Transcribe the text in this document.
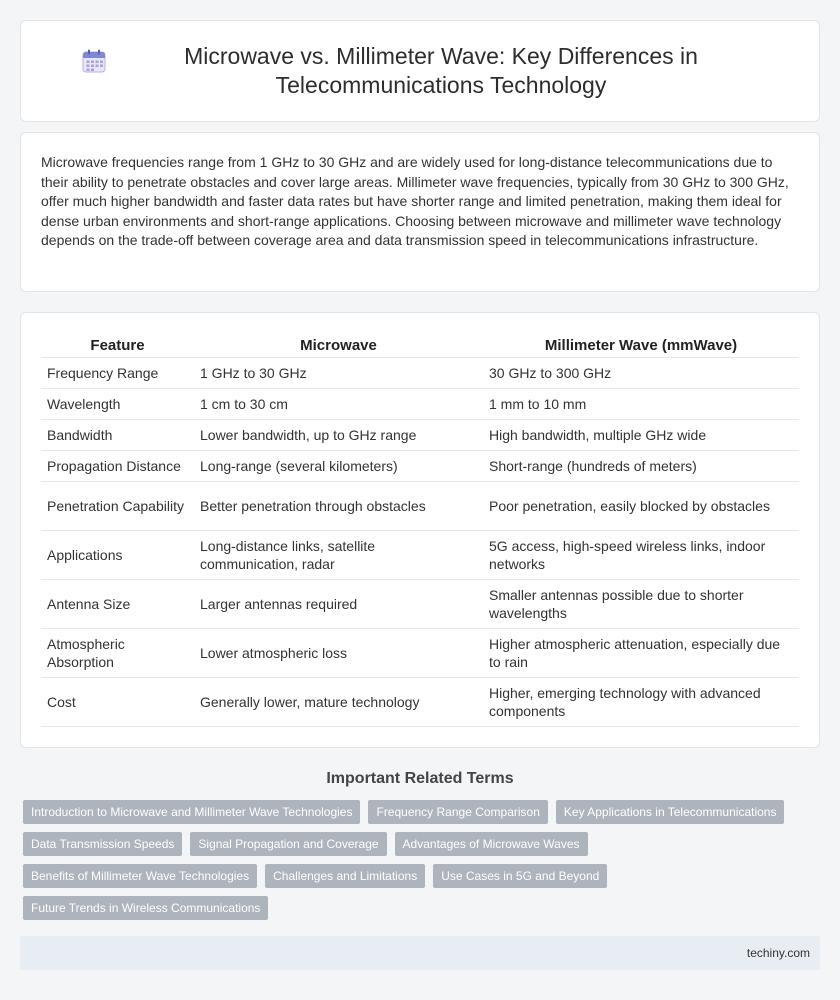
Microwave vs. Millimeter Wave: Key Differences in Telecommunications Technology

Microwave frequencies range from 1 GHz to 30 GHz and are widely used for long-distance telecommunications due to their ability to penetrate obstacles and cover large areas. Millimeter wave frequencies, typically from 30 GHz to 300 GHz, offer much higher bandwidth and faster data rates but have shorter range and limited penetration, making them ideal for dense urban environments and short-range applications. Choosing between microwave and millimeter wave technology depends on the trade-off between coverage area and data transmission speed in telecommunications infrastructure.

Feature	Microwave	Millimeter Wave (mmWave)
Frequency Range	1 GHz to 30 GHz	30 GHz to 300 GHz
Wavelength	1 cm to 30 cm	1 mm to 10 mm
Bandwidth	Lower bandwidth, up to GHz range	High bandwidth, multiple GHz wide
Propagation Distance	Long-range (several kilometers)	Short-range (hundreds of meters)
Penetration Capability	Better penetration through obstacles	Poor penetration, easily blocked by obstacles
Applications	Long-distance links, satellite communication, radar	5G access, high-speed wireless links, indoor networks
Antenna Size	Larger antennas required	Smaller antennas possible due to shorter wavelengths
Atmospheric Absorption	Lower atmospheric loss	Higher atmospheric attenuation, especially due to rain
Cost	Generally lower, mature technology	Higher, emerging technology with advanced components
Important Related Terms
Introduction to Microwave and Millimeter Wave Technologies	Frequency Range Comparison	Key Applications in Telecommunications
Data Transmission Speeds	Signal Propagation and Coverage	Advantages of Microwave Waves
Benefits of Millimeter Wave Technologies	Challenges and Limitations	Use Cases in 5G and Beyond
Future Trends in Wireless Communications
techiny.com
